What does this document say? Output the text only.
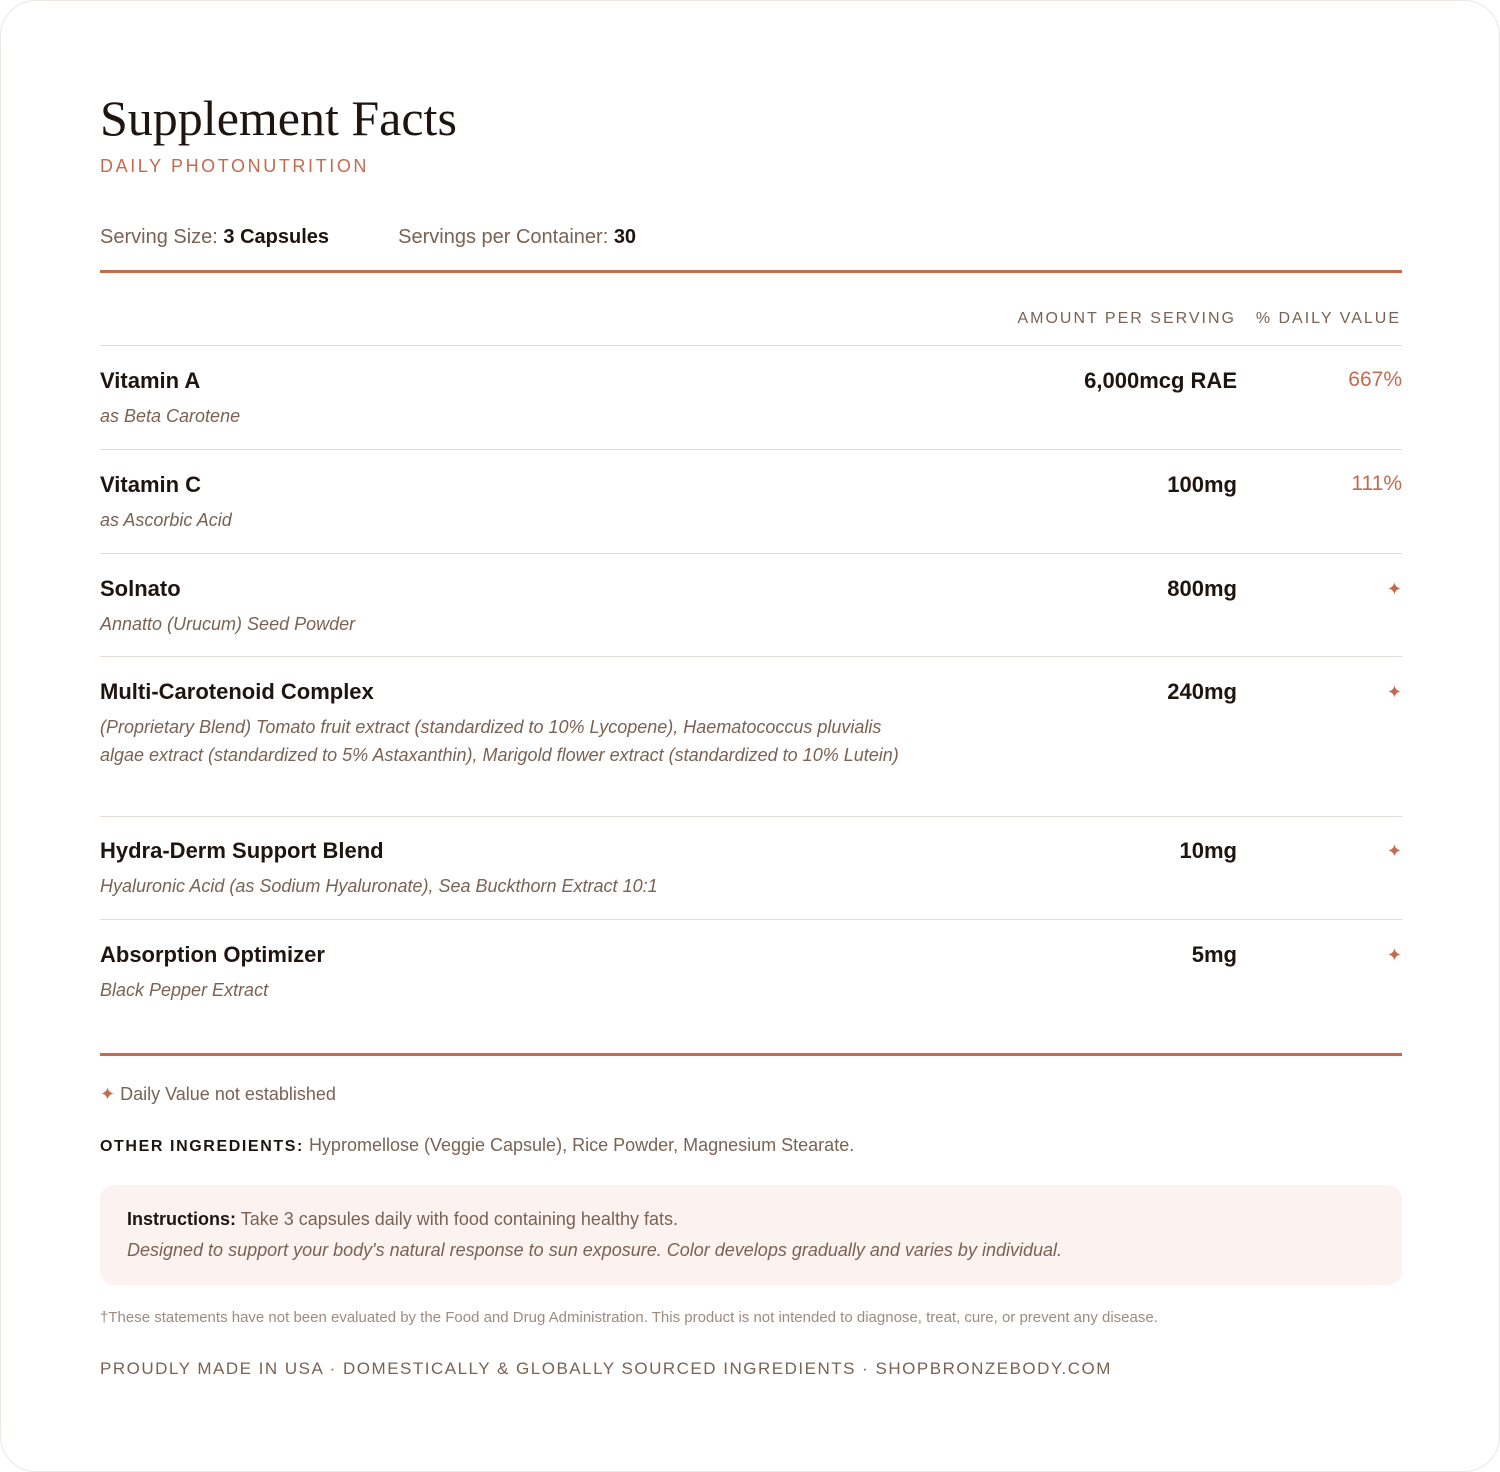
Supplement Facts
DAILY PHOTONUTRITION
Serving Size: 3 Capsules	Servings per Container: 30
AMOUNT PER SERVING % DAILY VALUE
Vitamin A
as Beta Carotene
6,000mcg RAE	667%
Vitamin C
as Ascorbic Acid
100mg	111%
Solnato
Annatto (Urucum) Seed Powder
800mg	✦
Multi-Carotenoid Complex
(Proprietary Blend) Tomato fruit extract (standardized to 10% Lycopene), Haematococcus pluvialis algae extract (standardized to 5% Astaxanthin), Marigold flower extract (standardized to 10% Lutein)
240mg	✦
Hydra-Derm Support Blend
Hyaluronic Acid (as Sodium Hyaluronate), Sea Buckthorn Extract 10:1
10mg	✦
Absorption Optimizer
Black Pepper Extract
5mg	✦
✦ Daily Value not established
OTHER INGREDIENTS: Hypromellose (Veggie Capsule), Rice Powder, Magnesium Stearate.
Instructions: Take 3 capsules daily with food containing healthy fats.
Designed to support your body's natural response to sun exposure. Color develops gradually and varies by individual.
†These statements have not been evaluated by the Food and Drug Administration. This product is not intended to diagnose, treat, cure, or prevent any disease.
PROUDLY MADE IN USA · DOMESTICALLY & GLOBALLY SOURCED INGREDIENTS · SHOPBRONZEBODY.COM
